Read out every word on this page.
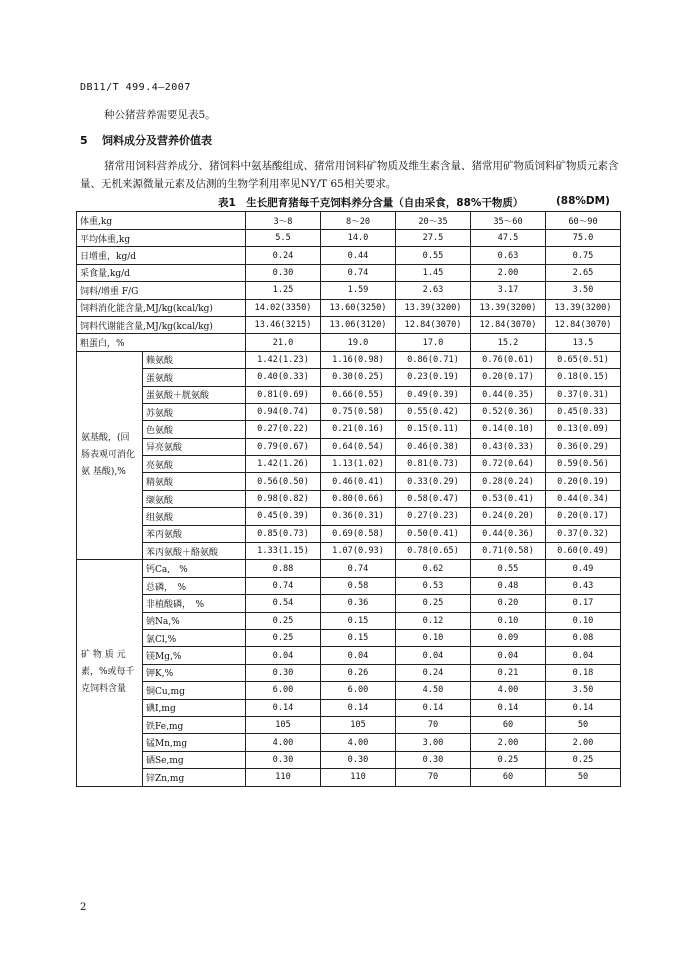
DB11/T 499.4—2007
种公猪营养需要见表5。
5 饲料成分及营养价值表
猪常用饲料营养成分、猪饲料中氨基酸组成、猪常用饲料矿物质及维生素含量、猪常用矿物质饲料矿物质元素含量、无机来源微量元素及估测的生物学利用率见NY/T 65相关要求。
表1　生长肥育猪每千克饲料养分含量（自由采食，88%干物质）	(88%DM)
体重,kg		3～8	8～20	20～35	35～60	60～90
平均体重,kg		5.5	14.0	27.5	47.5	75.0
日增重，kg/d		0.24	0.44	0.55	0.63	0.75
采食量,kg/d		0.30	0.74	1.45	2.00	2.65
饲料/增重 F/G		1.25	1.59	2.63	3.17	3.50
饲料消化能含量,MJ/kg(kcal/kg)		14.02(3350)	13.60(3250)	13.39(3200)	13.39(3200)	13.39(3200)
饲料代谢能含量,MJ/kg(kcal/kg)		13.46(3215)	13.06(3120)	12.84(3070)	12.84(3070)	12.84(3070)
粗蛋白，%		21.0	19.0	17.0	15.2	13.5
氨基酸，(回肠表观可消化 氨 基酸),%	赖氨酸	1.42(1.23)	1.16(0.98)	0.86(0.71)	0.76(0.61)	0.65(0.51)
	蛋氨酸	0.40(0.33)	0.30(0.25)	0.23(0.19)	0.20(0.17)	0.18(0.15)
	蛋氨酸＋胱氨酸	0.81(0.69)	0.66(0.55)	0.49(0.39)	0.44(0.35)	0.37(0.31)
	苏氨酸	0.94(0.74)	0.75(0.58)	0.55(0.42)	0.52(0.36)	0.45(0.33)
	色氨酸	0.27(0.22)	0.21(0.16)	0.15(0.11)	0.14(0.10)	0.13(0.09)
	异亮氨酸	0.79(0.67)	0.64(0.54)	0.46(0.38)	0.43(0.33)	0.36(0.29)
	亮氨酸	1.42(1.26)	1.13(1.02)	0.81(0.73)	0.72(0.64)	0.59(0.56)
	精氨酸	0.56(0.50)	0.46(0.41)	0.33(0.29)	0.28(0.24)	0.20(0.19)
	缬氨酸	0.98(0.82)	0.80(0.66)	0.58(0.47)	0.53(0.41)	0.44(0.34)
	组氨酸	0.45(0.39)	0.36(0.31)	0.27(0.23)	0.24(0.20)	0.20(0.17)
	苯丙氨酸	0.85(0.73)	0.69(0.58)	0.50(0.41)	0.44(0.36)	0.37(0.32)
	苯丙氨酸＋酪氨酸	1.33(1.15)	1.07(0.93)	0.78(0.65)	0.71(0.58)	0.60(0.49)
矿 物 质 元素，%或每千克饲料含量	钙Ca,　%	0.88	0.74	0.62	0.55	0.49
	总磷，　%	0.74	0.58	0.53	0.48	0.43
	非植酸磷，　%	0.54	0.36	0.25	0.20	0.17
	钠Na,%	0.25	0.15	0.12	0.10	0.10
	氯Cl,%	0.25	0.15	0.10	0.09	0.08
	镁Mg,%	0.04	0.04	0.04	0.04	0.04
	钾K,%	0.30	0.26	0.24	0.21	0.18
	铜Cu,mg	6.00	6.00	4.50	4.00	3.50
	碘I,mg	0.14	0.14	0.14	0.14	0.14
	铁Fe,mg	105	105	70	60	50
	锰Mn,mg	4.00	4.00	3.00	2.00	2.00
	硒Se,mg	0.30	0.30	0.30	0.25	0.25
	锌Zn,mg	110	110	70	60	50
2
